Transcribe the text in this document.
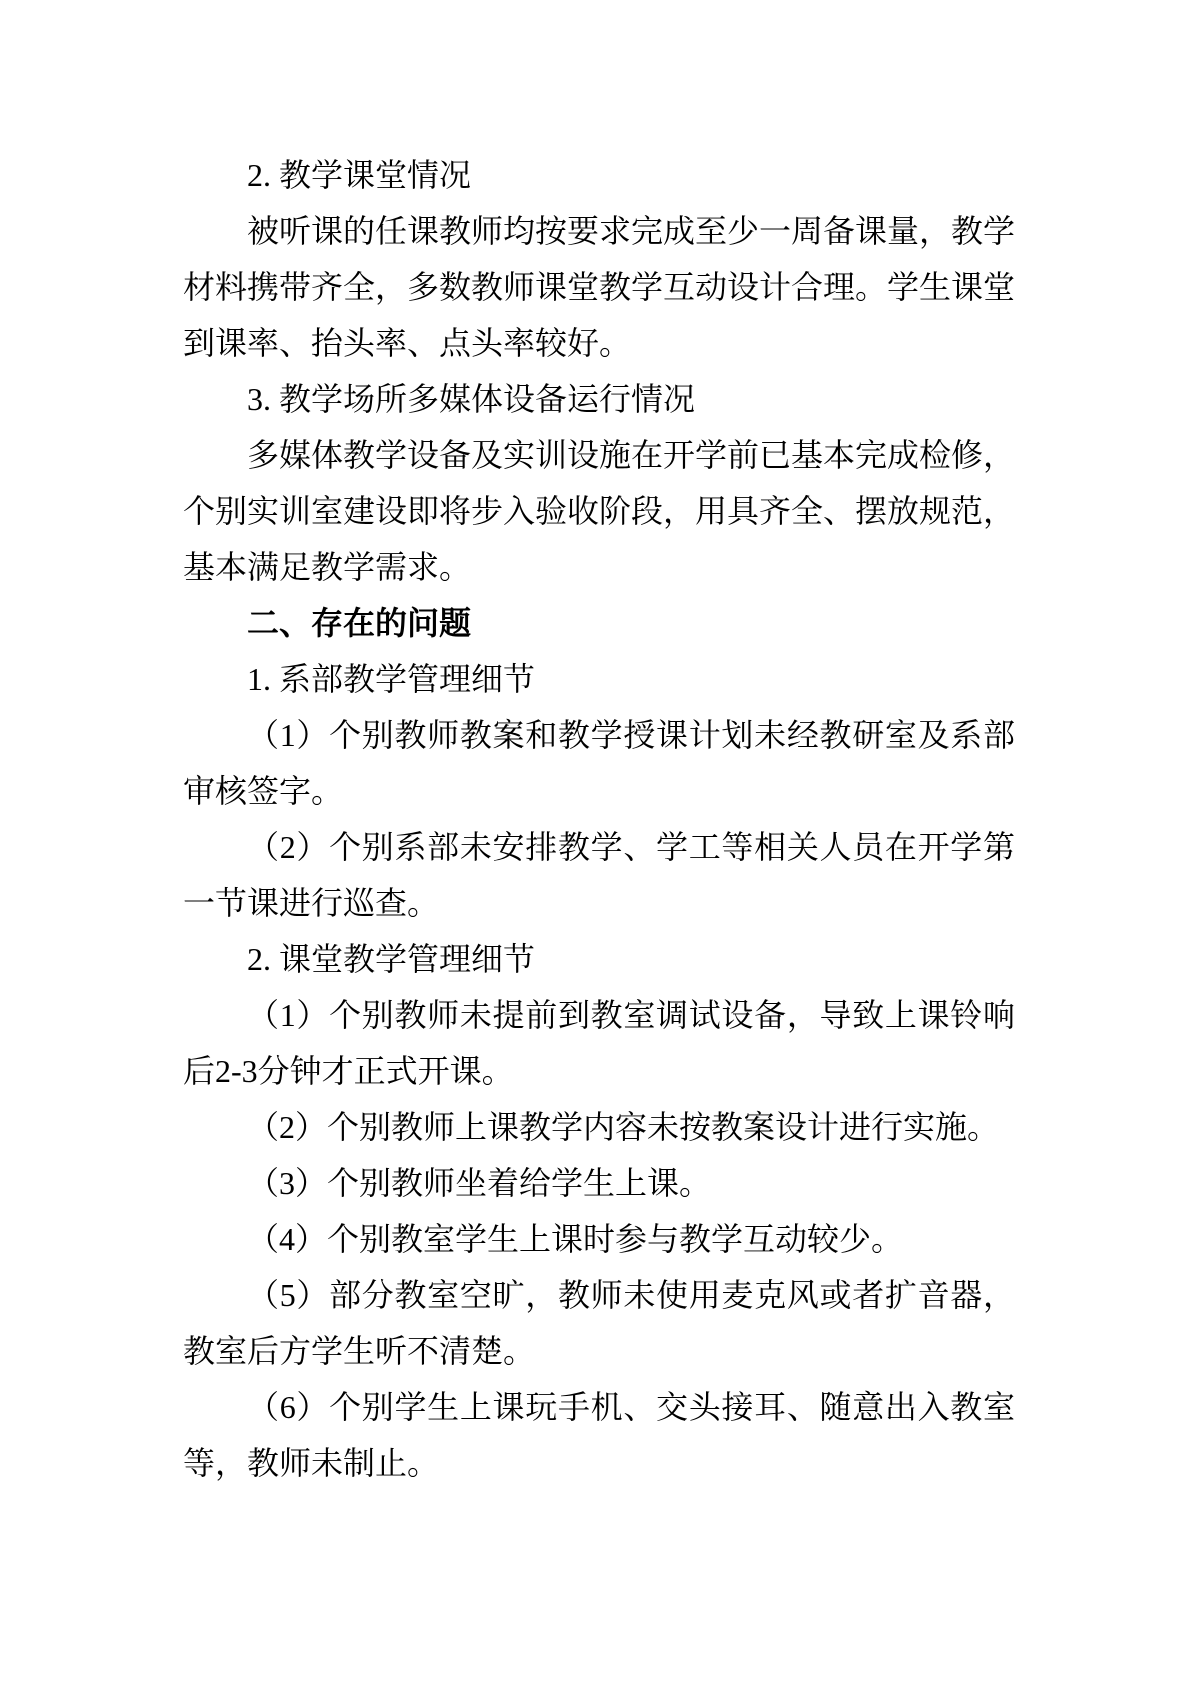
2. 教学课堂情况

被听课的任课教师均按要求完成至少一周备课量，教学材料携带齐全，多数教师课堂教学互动设计合理。学生课堂到课率、抬头率、点头率较好。

3. 教学场所多媒体设备运行情况

多媒体教学设备及实训设施在开学前已基本完成检修，个别实训室建设即将步入验收阶段，用具齐全、摆放规范，基本满足教学需求。

二、存在的问题

1. 系部教学管理细节

（1）个别教师教案和教学授课计划未经教研室及系部审核签字。

（2）个别系部未安排教学、学工等相关人员在开学第一节课进行巡查。

2. 课堂教学管理细节

（1）个别教师未提前到教室调试设备，导致上课铃响后2-3分钟才正式开课。

（2）个别教师上课教学内容未按教案设计进行实施。

（3）个别教师坐着给学生上课。

（4）个别教室学生上课时参与教学互动较少。

（5）部分教室空旷，教师未使用麦克风或者扩音器，教室后方学生听不清楚。

（6）个别学生上课玩手机、交头接耳、随意出入教室等，教师未制止。
